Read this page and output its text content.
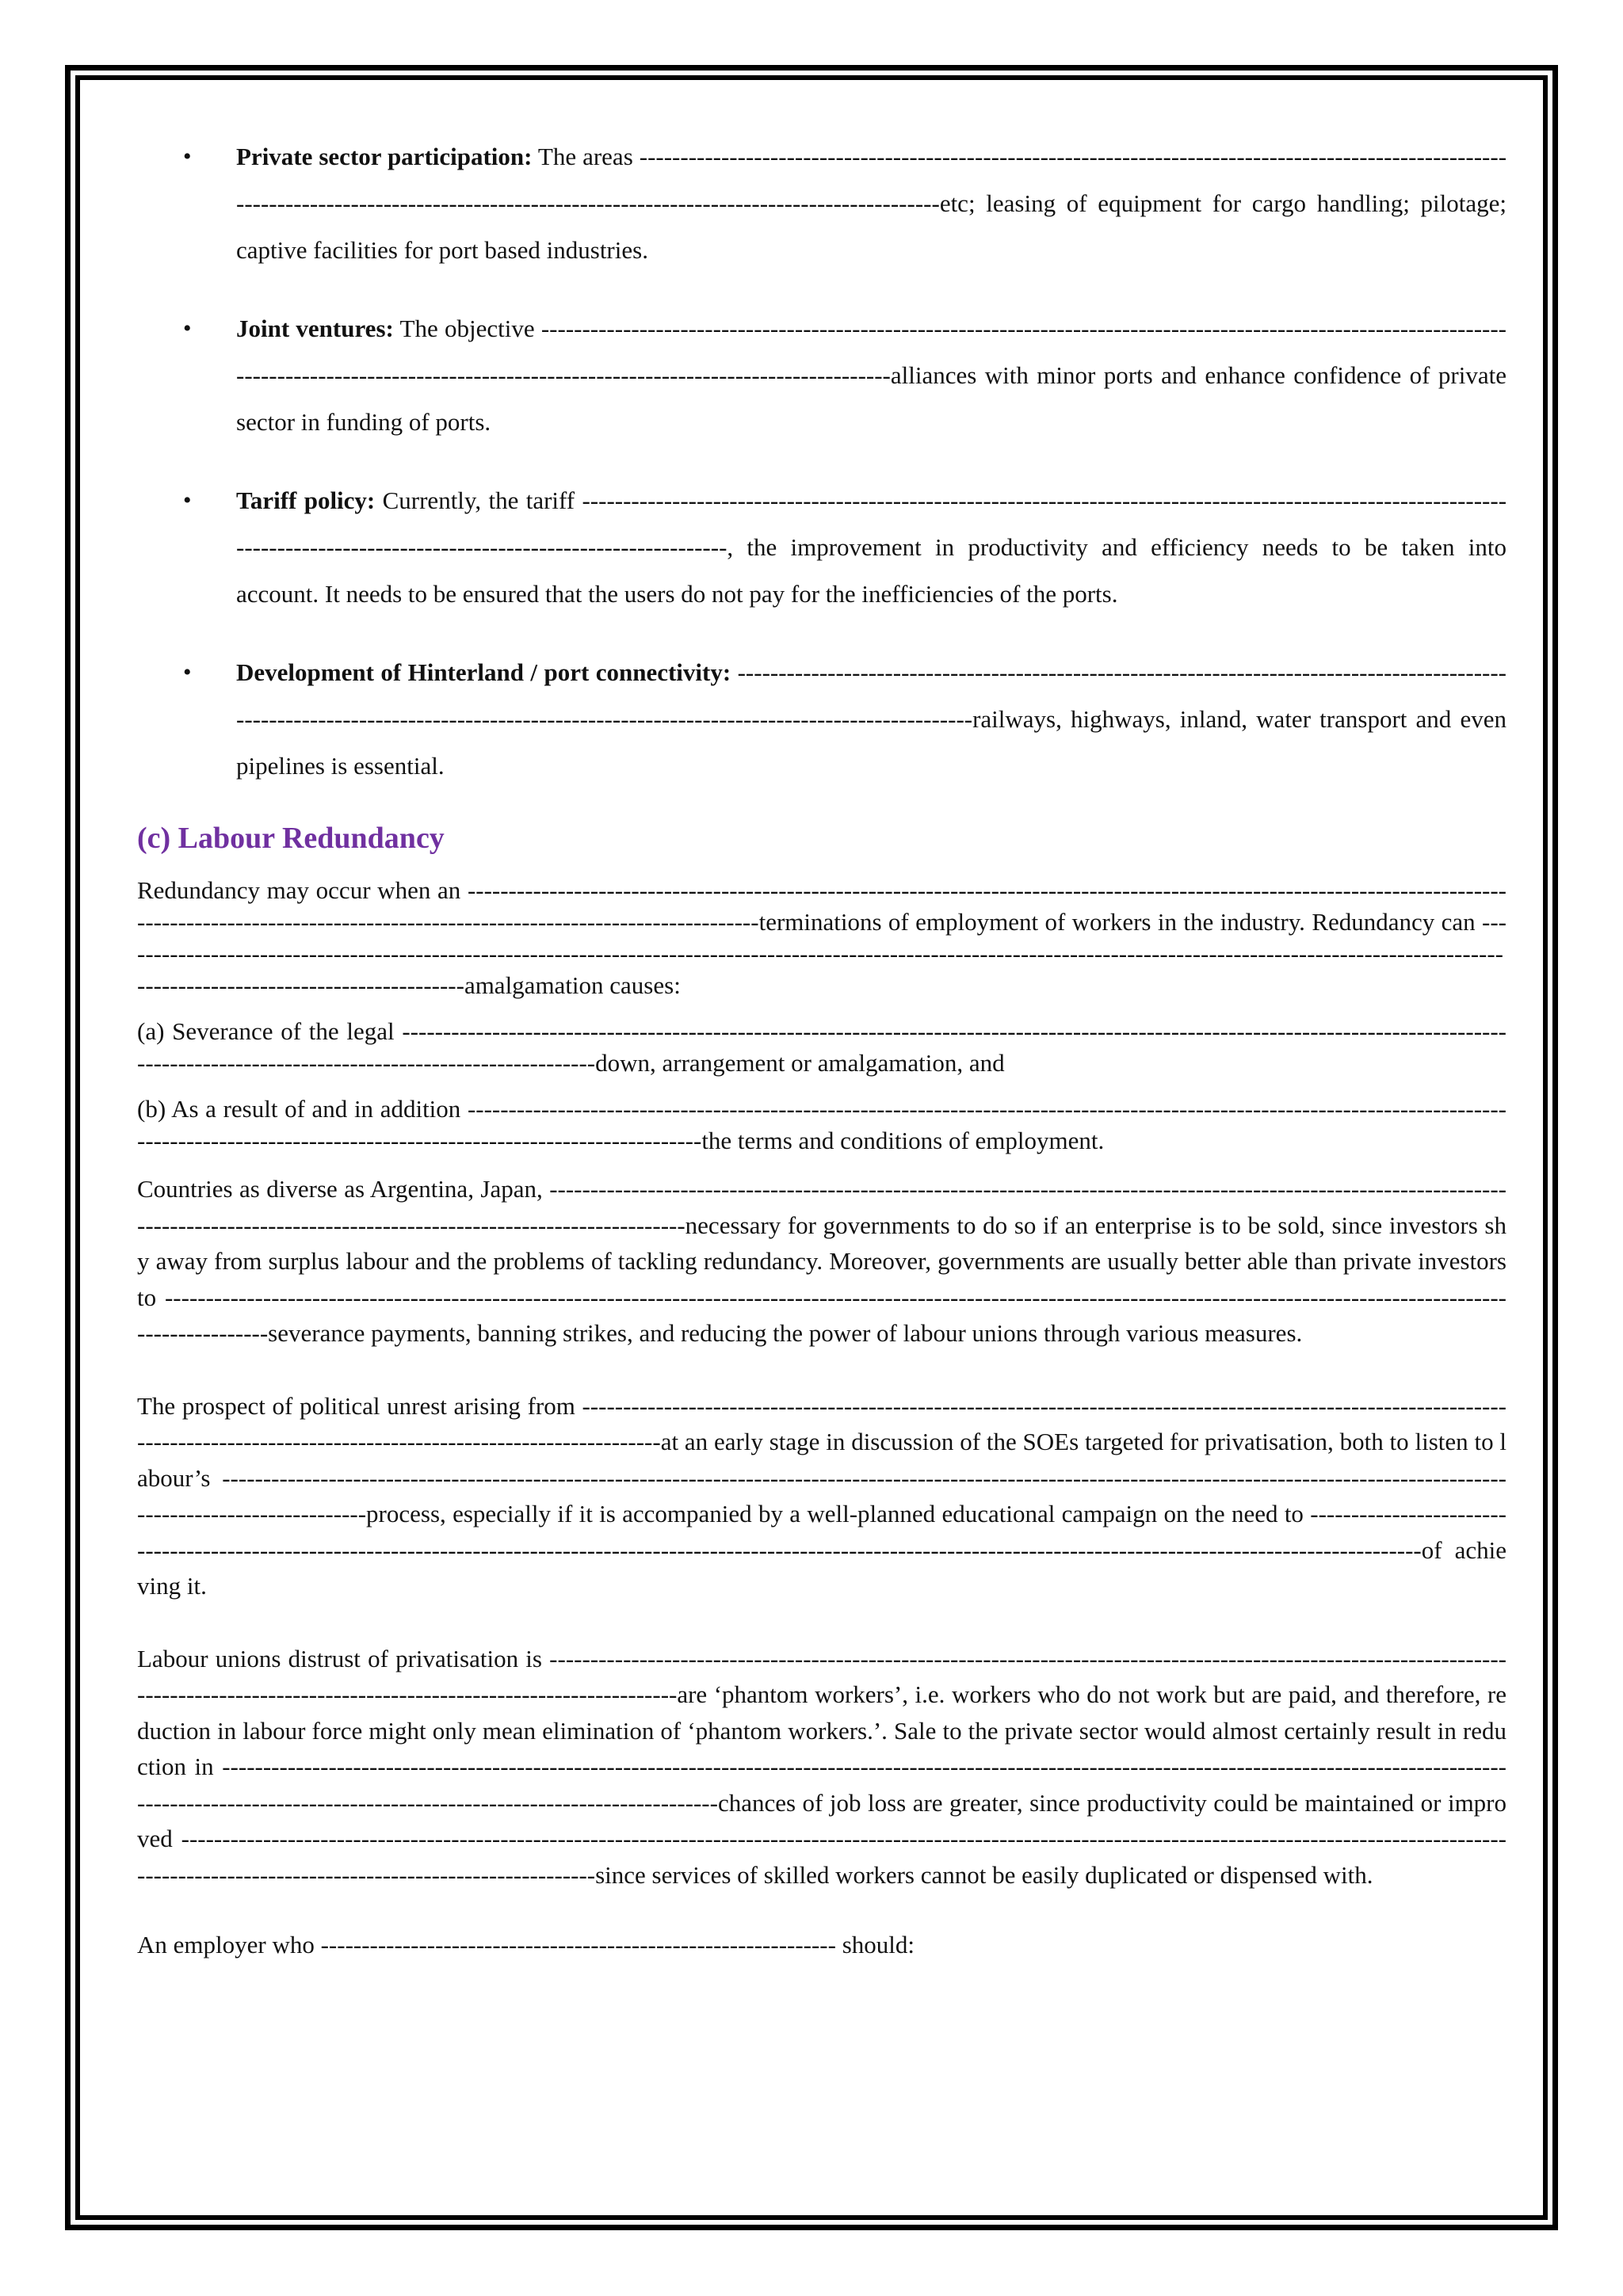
• Private sector participation: The areas ------------------------------------------------------------------------------------------------------------------------------------------------------------------------------------------------etc; leasing of equipment for cargo handling; pilotage; captive facilities for port based industries.
• Joint ventures: The objective ------------------------------------------------------------------------------------------------------------------------------------------------------------------------------------------------------alliances with minor ports and enhance confidence of private sector in funding of ports.
• Tariff policy: Currently, the tariff -----------------------------------------------------------------------------------------------------------------------------------------------------------------------------, the improvement in productivity and efficiency needs to be taken into account. It needs to be ensured that the users do not pay for the inefficiencies of the ports.
• Development of Hinterland / port connectivity: ----------------------------------------------------------------------------------------------------------------------------------------------------------------------------------------railways, highways, inland, water transport and even pipelines is essential.
(c) Labour Redundancy

Redundancy may occur when an -----------------------------------------------------------------------------------------------------------------------------------------------------------------------------------------------------------terminations of employment of workers in the industry. Redundancy can ------------------------------------------------------------------------------------------------------------------------------------------------------------------------------------------------------------------amalgamation causes:

(a) Severance of the legal -----------------------------------------------------------------------------------------------------------------------------------------------------------------------------------------------down, arrangement or amalgamation, and

(b) As a result of and in addition ----------------------------------------------------------------------------------------------------------------------------------------------------------------------------------------------------the terms and conditions of employment.

Countries as diverse as Argentina, Japan, ----------------------------------------------------------------------------------------------------------------------------------------------------------------------------------------necessary for governments to do so if an enterprise is to be sold, since investors shy away from surplus labour and the problems of tackling redundancy. Moreover, governments are usually better able than private investors to ------------------------------------------------------------------------------------------------------------------------------------------------------------------------------------severance payments, banning strikes, and reducing the power of labour unions through various measures.

The prospect of political unrest arising from ---------------------------------------------------------------------------------------------------------------------------------------------------------------------------------at an early stage in discussion of the SOEs targeted for privatisation, both to listen to labour’s -----------------------------------------------------------------------------------------------------------------------------------------------------------------------------------------process, especially if it is accompanied by a well-planned educational campaign on the need to -------------------------------------------------------------------------------------------------------------------------------------------------------------------------------------of achieving it.

Labour unions distrust of privatisation is ---------------------------------------------------------------------------------------------------------------------------------------------------------------------------------------are ‘phantom workers’, i.e. workers who do not work but are paid, and therefore, reduction in labour force might only mean elimination of ‘phantom workers.’. Sale to the private sector would almost certainly result in reduction in ------------------------------------------------------------------------------------------------------------------------------------------------------------------------------------------------------------------------------------chances of job loss are greater, since productivity could be maintained or improved --------------------------------------------------------------------------------------------------------------------------------------------------------------------------------------------------------------------------since services of skilled workers cannot be easily duplicated or dispensed with.

An employer who --------------------------------------------------------------- should:
